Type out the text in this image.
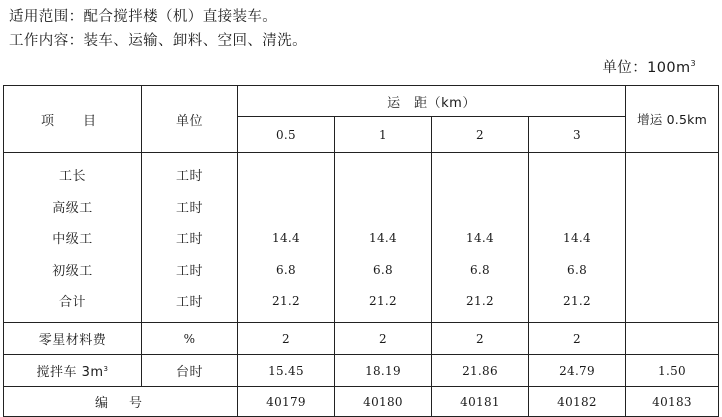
适用范围：配合搅拌楼（机）直接装车。
工作内容：装车、运输、卸料、空回、清洗。
单位：$100m^3$
项　目	单位	运　距（km）				增运 0.5km
		0.5	1	2	3	
工长	工时					
高级工	工时					
中级工	工时	14.4	14.4	14.4	14.4	
初级工	工时	6.8	6.8	6.8	6.8	
合计	工时	21.2	21.2	21.2	21.2	
零星材料费	%	2	2	2	2	
搅拌车 $3m^3$	台时	15.45	18.19	21.86	24.79	1.50
编　号		40179	40180	40181	40182	40183
